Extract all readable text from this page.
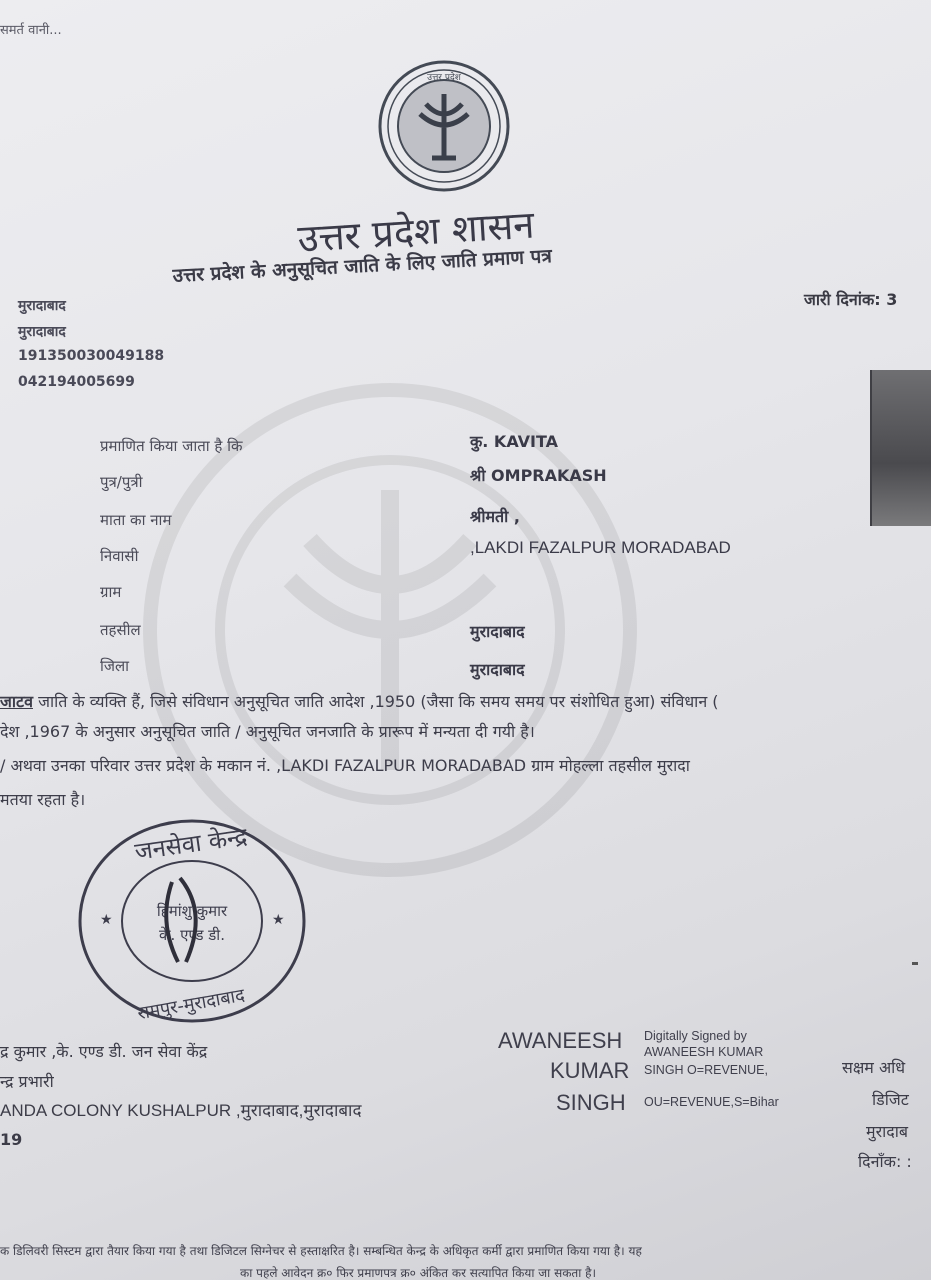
समर्त वानी...
उत्तर प्रदेश
उत्तर प्रदेश शासन
उत्तर प्रदेश के अनुसूचित जाति के लिए जाति प्रमाण पत्र
जारी दिनांक: 3
मुरादाबाद
मुरादाबाद
191350030049188
042194005699
प्रमाणित किया जाता है कि	कु. KAVITA
पुत्र/पुत्री	श्री OMPRAKASH
माता का नाम	श्रीमती ,
निवासी	,LAKDI FAZALPUR MORADABAD
ग्राम
तहसील	मुरादाबाद
जिला	मुरादाबाद
जाटव जाति के व्यक्ति हैं, जिसे संविधान अनुसूचित जाति आदेश ,1950 (जैसा कि समय समय पर संशोधित हुआ) संविधान (
देश ,1967 के अनुसार अनुसूचित जाति / अनुसूचित जनजाति के प्रारूप में मन्यता दी गयी है।
/ अथवा उनका परिवार उत्तर प्रदेश के मकान नं. ,LAKDI FAZALPUR MORADABAD ग्राम मोहल्ला तहसील मुरादा
मतया रहता है।
जनसेवा केन्द्र
हिमांशु कुमार
के. एण्ड डी.
रामपुर-मुरादाबाद
★	★
द्र कुमार ,के. एण्ड डी. जन सेवा केंद्र
न्द्र प्रभारी
ANDA COLONY KUSHALPUR ,मुरादाबाद,मुरादाबाद
19
AWANEESH
KUMAR
SINGH
Digitally Signed by
AWANEESH KUMAR
SINGH O=REVENUE,
OU=REVENUE,S=Bihar
सक्षम अधि
डिजिट
मुरादाब
दिनाँक: :
क डिलिवरी सिस्टम द्वारा तैयार किया गया है तथा डिजिटल सिग्नेचर से हस्ताक्षरित है। सम्बन्धित केन्द्र के अधिकृत कर्मी द्वारा प्रमाणित किया गया है। यह
का पहले आवेदन क्र० फिर प्रमाणपत्र क्र० अंकित कर सत्यापित किया जा सकता है।
